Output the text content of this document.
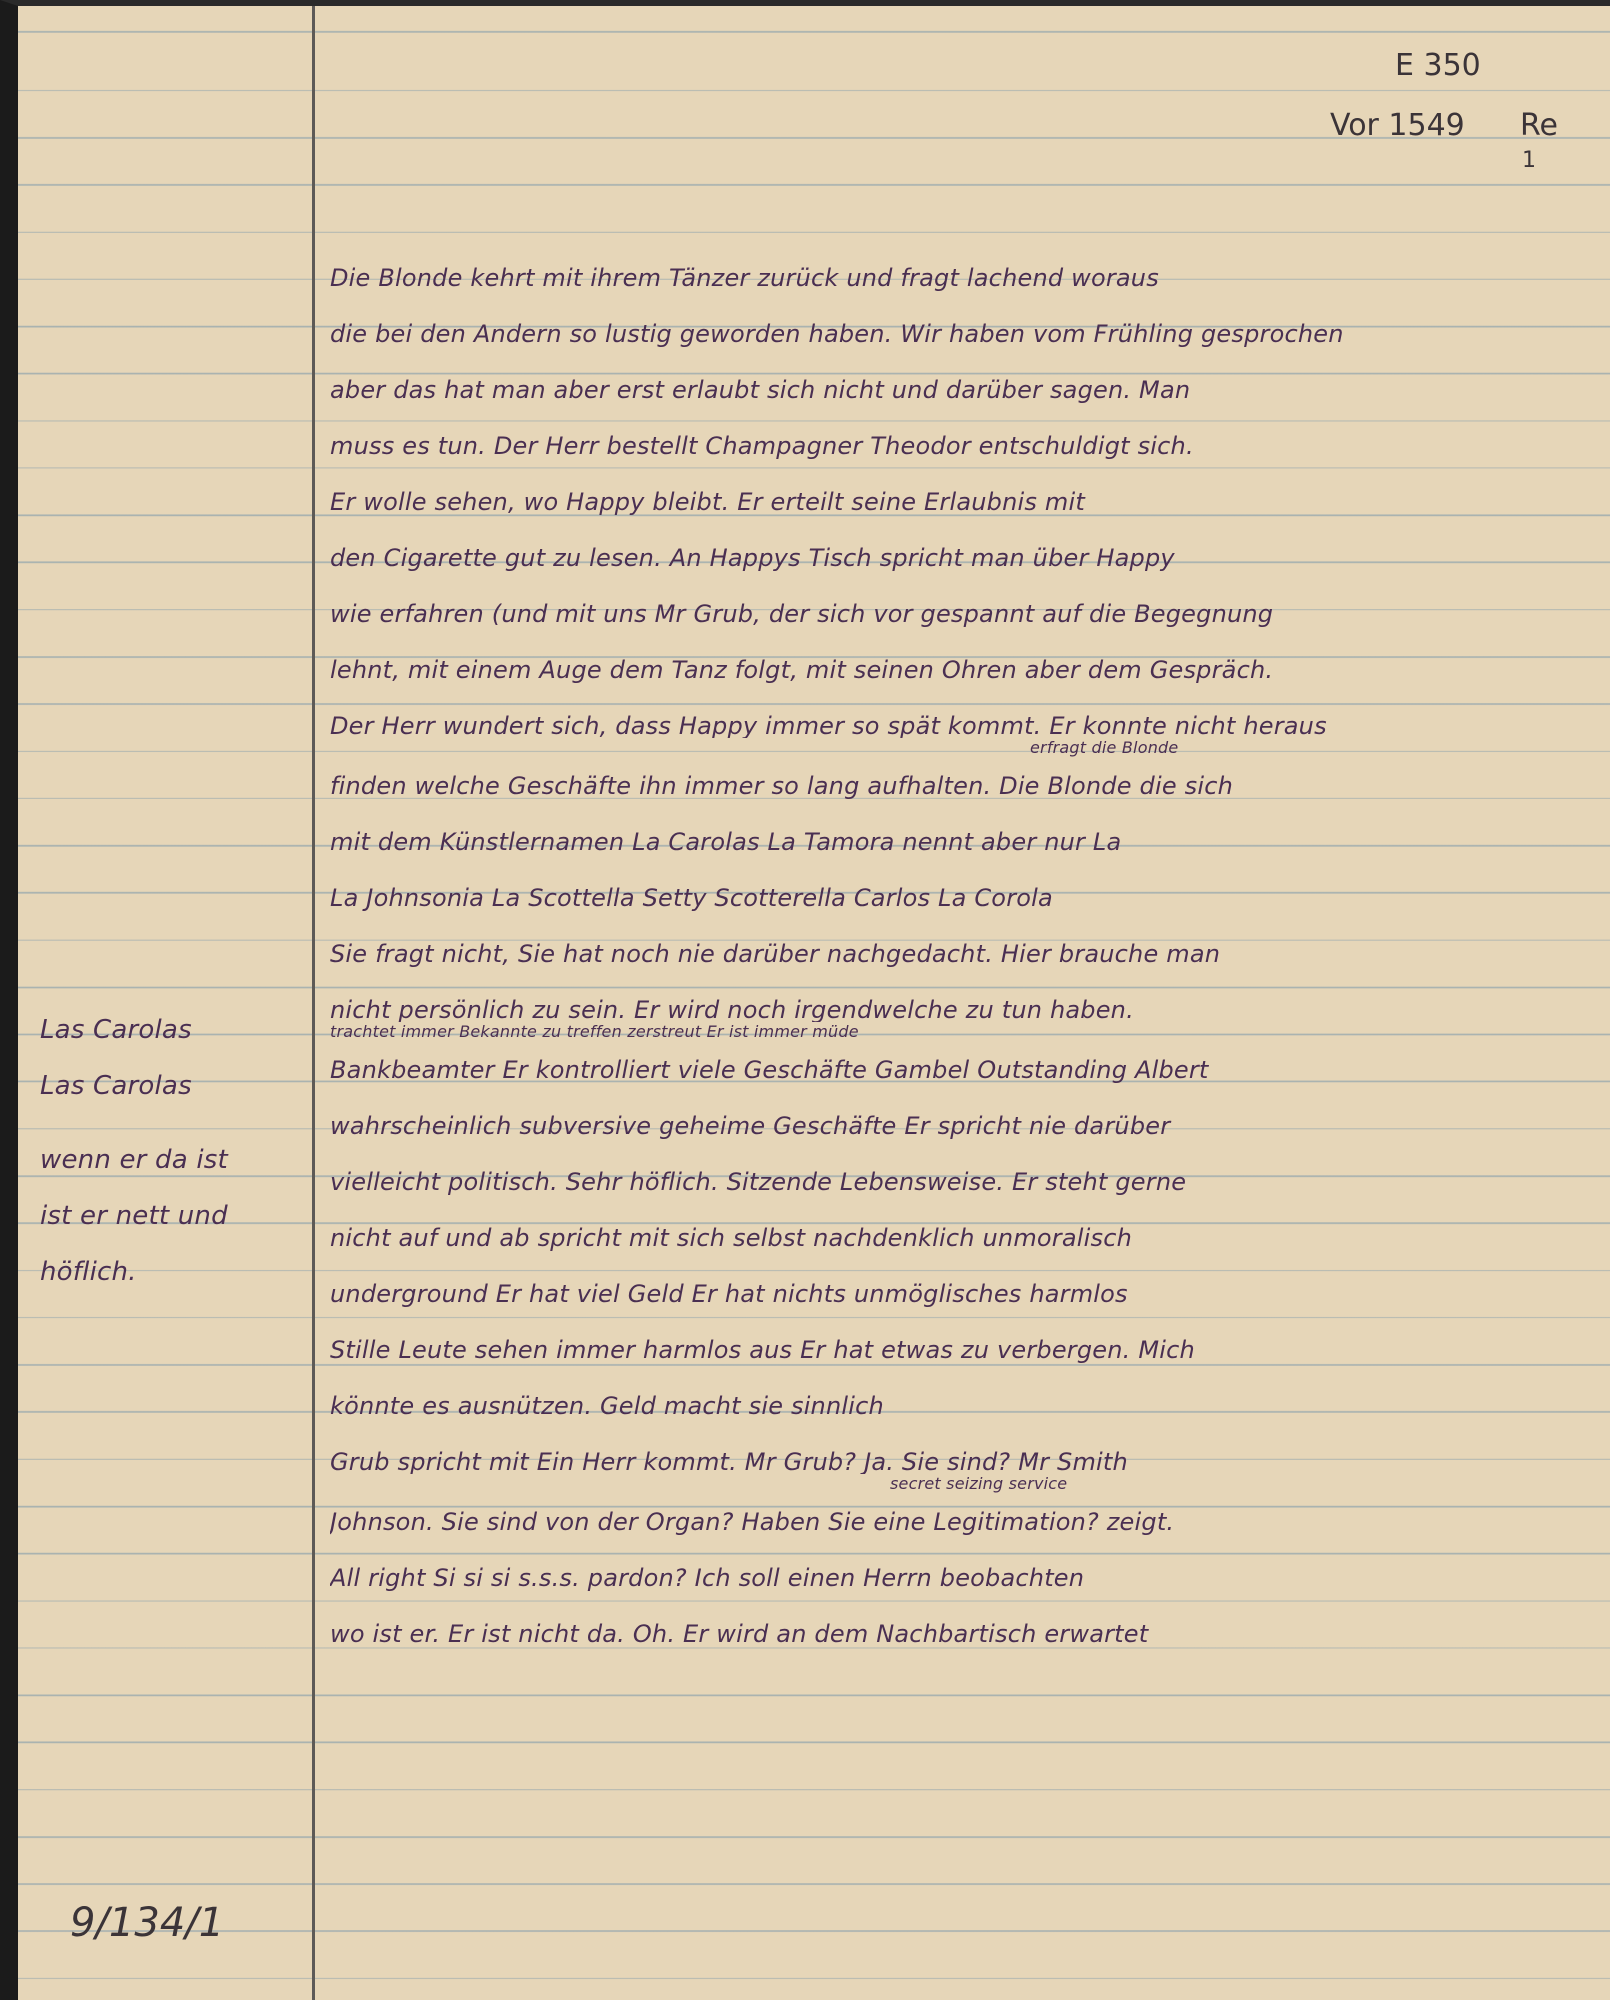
E 350
Vor 1549 Re
1
Die Blonde kehrt mit ihrem Tänzer zurück und fragt lachend woraus
die bei den Andern so lustig geworden haben. Wir haben vom Frühling gesprochen
aber das hat man aber erst erlaubt sich nicht und darüber sagen. Man
muss es tun. Der Herr bestellt Champagner Theodor entschuldigt sich.
Er wolle sehen, wo Happy bleibt. Er erteilt seine Erlaubnis mit
den Cigarette gut zu lesen. An Happys Tisch spricht man über Happy
wie erfahren (und mit uns Mr Grub, der sich vor gespannt auf die Begegnung
lehnt, mit einem Auge dem Tanz folgt, mit seinen Ohren aber dem Gespräch.
Der Herr wundert sich, dass Happy immer so spät kommt. Er konnte nicht heraus
erfragt die Blonde
finden welche Geschäfte ihn immer so lang aufhalten. Die Blonde die sich
mit dem Künstlernamen La Carolas La Tamora nennt aber nur La
La Johnsonia La Scottella Setty Scotterella Carlos La Corola
Sie fragt nicht, Sie hat noch nie darüber nachgedacht. Hier brauche man
nicht persönlich zu sein. Er wird noch irgendwelche zu tun haben.
trachtet immer Bekannte zu treffen zerstreut Er ist immer müde
Bankbeamter Er kontrolliert viele Geschäfte Gambel Outstanding Albert
wahrscheinlich subversive geheime Geschäfte Er spricht nie darüber
vielleicht politisch. Sehr höflich. Sitzende Lebensweise. Er steht gerne
nicht auf und ab spricht mit sich selbst nachdenklich unmoralisch
underground Er hat viel Geld Er hat nichts unmöglisches harmlos
Stille Leute sehen immer harmlos aus Er hat etwas zu verbergen. Mich
könnte es ausnützen. Geld macht sie sinnlich
Grub spricht mit Ein Herr kommt. Mr Grub? Ja. Sie sind? Mr Smith
secret seizing service
Johnson. Sie sind von der Organ? Haben Sie eine Legitimation? zeigt.
All right Si si si s.s.s. pardon? Ich soll einen Herrn beobachten
wo ist er. Er ist nicht da. Oh. Er wird an dem Nachbartisch erwartet
Las Carolas
Las Carolas
wenn er da ist
ist er nett und
höflich.
9/134/1
